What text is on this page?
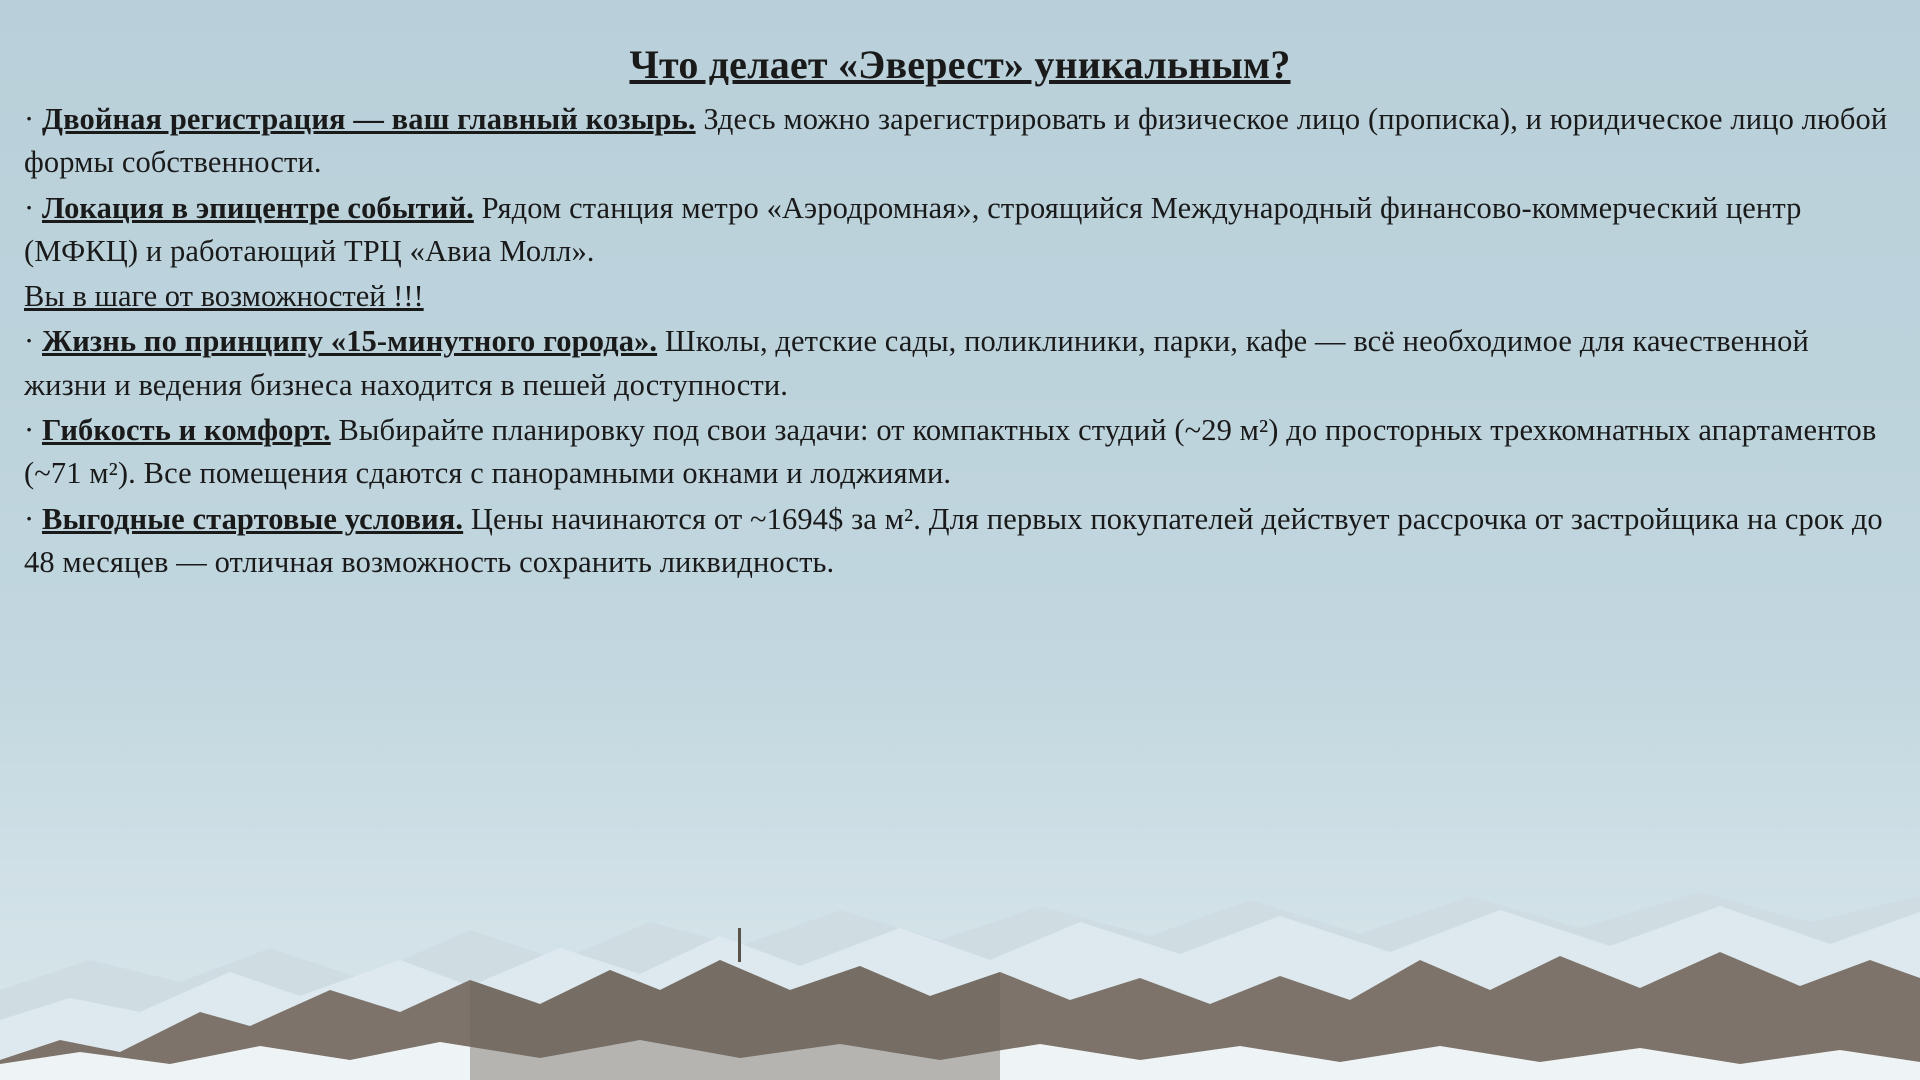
Что делает «Эверест» уникальным?

· Двойная регистрация — ваш главный козырь. Здесь можно зарегистрировать и физическое лицо (прописка), и юридическое лицо любой формы собственности.

· Локация в эпицентре событий. Рядом станция метро «Аэродромная», строящийся Международный финансово-коммерческий центр (МФКЦ) и работающий ТРЦ «Авиа Молл».

Вы в шаге от возможностей !!!

· Жизнь по принципу «15-минутного города». Школы, детские сады, поликлиники, парки, кафе — всё необходимое для качественной жизни и ведения бизнеса находится в пешей доступности.

· Гибкость и комфорт. Выбирайте планировку под свои задачи: от компактных студий (~29 м²) до просторных трехкомнатных апартаментов (~71 м²). Все помещения сдаются с панорамными окнами и лоджиями.

· Выгодные стартовые условия. Цены начинаются от ~1694$ за м². Для первых покупателей действует рассрочка от застройщика на срок до 48 месяцев — отличная возможность сохранить ликвидность.
